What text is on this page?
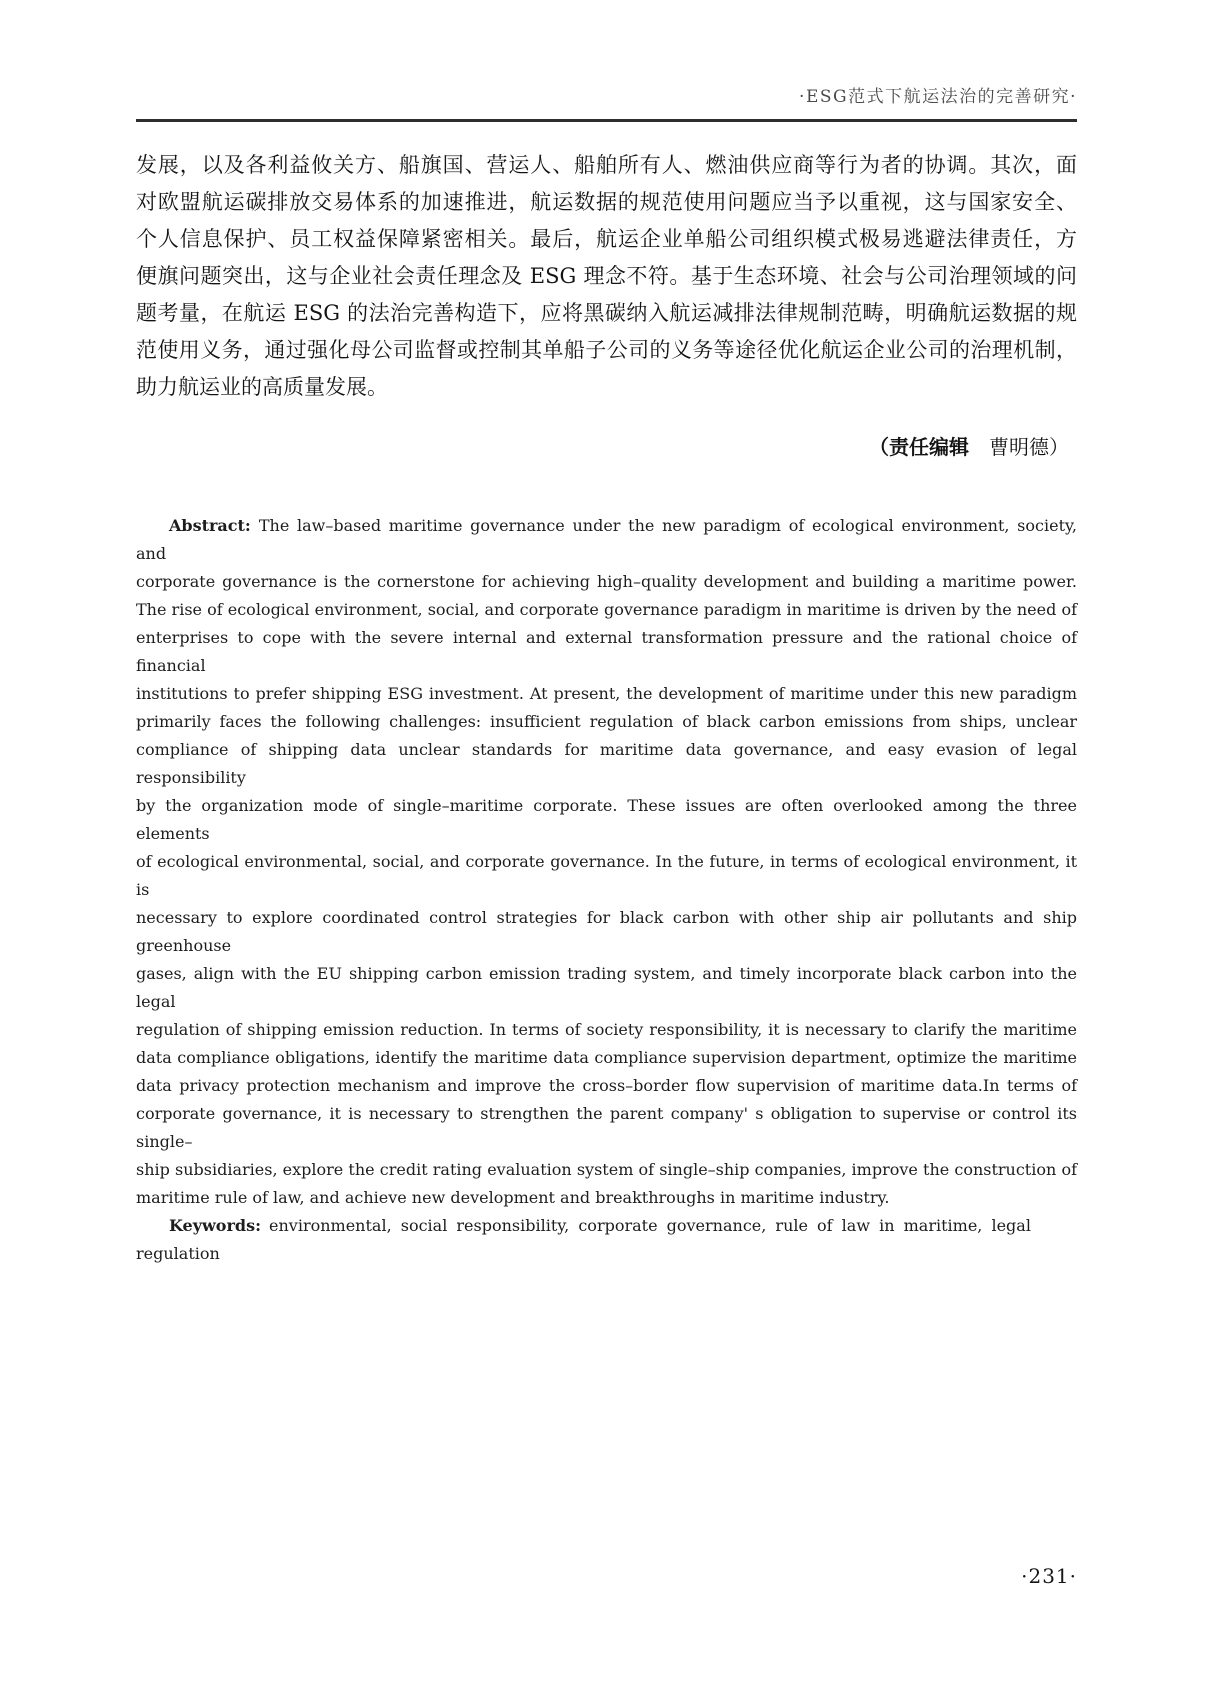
·ESG范式下航运法治的完善研究·
发展，以及各利益攸关方、船旗国、营运人、船舶所有人、燃油供应商等行为者的协调。其次，面
对欧盟航运碳排放交易体系的加速推进，航运数据的规范使用问题应当予以重视，这与国家安全、
个人信息保护、员工权益保障紧密相关。最后，航运企业单船公司组织模式极易逃避法律责任，方
便旗问题突出，这与企业社会责任理念及 ESG 理念不符。基于生态环境、社会与公司治理领域的问
题考量，在航运 ESG 的法治完善构造下，应将黑碳纳入航运减排法律规制范畴，明确航运数据的规
范使用义务，通过强化母公司监督或控制其单船子公司的义务等途径优化航运企业公司的治理机制，
助力航运业的高质量发展。
（责任编辑 曹明德）
Abstract: The law–based maritime governance under the new paradigm of ecological environment, society, and
corporate governance is the cornerstone for achieving high–quality development and building a maritime power.
The rise of ecological environment, social, and corporate governance paradigm in maritime is driven by the need of
enterprises to cope with the severe internal and external transformation pressure and the rational choice of financial
institutions to prefer shipping ESG investment. At present, the development of maritime under this new paradigm
primarily faces the following challenges: insufficient regulation of black carbon emissions from ships, unclear
compliance of shipping data unclear standards for maritime data governance, and easy evasion of legal responsibility
by the organization mode of single–maritime corporate. These issues are often overlooked among the three elements
of ecological environmental, social, and corporate governance. In the future, in terms of ecological environment, it is
necessary to explore coordinated control strategies for black carbon with other ship air pollutants and ship greenhouse
gases, align with the EU shipping carbon emission trading system, and timely incorporate black carbon into the legal
regulation of shipping emission reduction. In terms of society responsibility, it is necessary to clarify the maritime
data compliance obligations, identify the maritime data compliance supervision department, optimize the maritime
data privacy protection mechanism and improve the cross–border flow supervision of maritime data.In terms of
corporate governance, it is necessary to strengthen the parent company' s obligation to supervise or control its single–
ship subsidiaries, explore the credit rating evaluation system of single–ship companies, improve the construction of
maritime rule of law, and achieve new development and breakthroughs in maritime industry.
Keywords: environmental, social responsibility, corporate governance, rule of law in maritime, legal regulation
·231·
